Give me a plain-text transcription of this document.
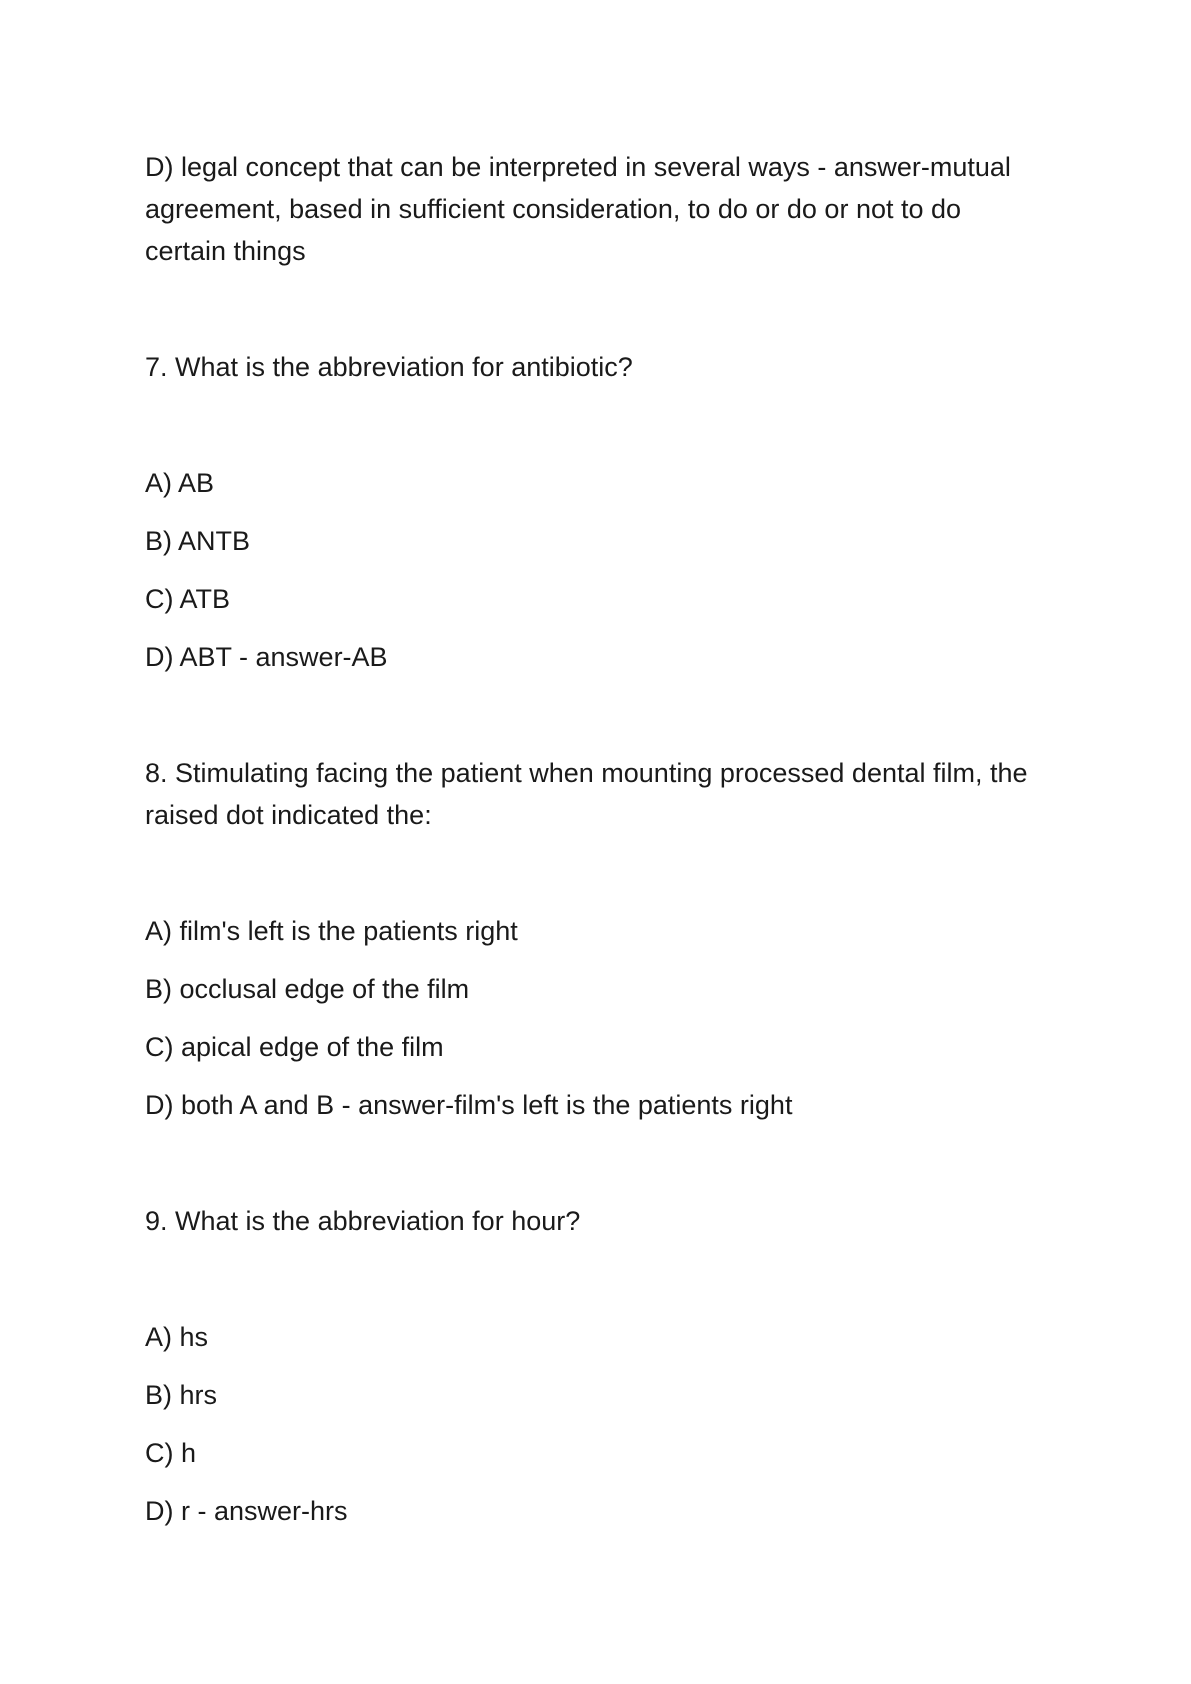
D) legal concept that can be interpreted in several ways - answer-mutual agreement, based in sufficient consideration, to do or do or not to do certain things

7. What is the abbreviation for antibiotic?

A) AB

B) ANTB

C) ATB

D) ABT - answer-AB

8. Stimulating facing the patient when mounting processed dental film, the raised dot indicated the:

A) film's left is the patients right

B) occlusal edge of the film

C) apical edge of the film

D) both A and B - answer-film's left is the patients right

9. What is the abbreviation for hour?

A) hs

B) hrs

C) h

D) r - answer-hrs
